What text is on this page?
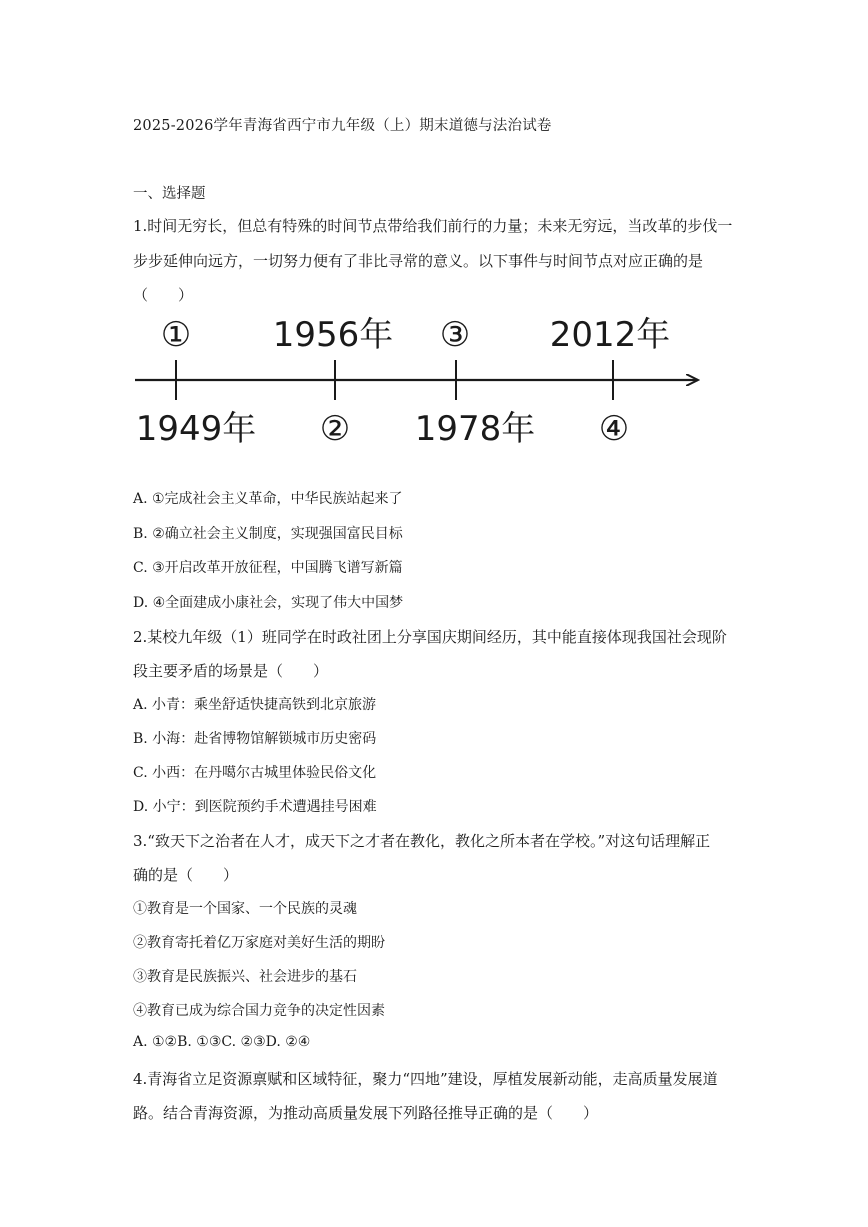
2025-2026学年青海省西宁市九年级（上）期末道德与法治试卷
一、选择题
1.时间无穷长，但总有特殊的时间节点带给我们前行的力量；未来无穷远，当改革的步伐一
步步延伸向远方，一切努力便有了非比寻常的意义。以下事件与时间节点对应正确的是
（　　）
① 1956年 ③ 2012年
1949年 ② 1978年 ④
A. ①完成社会主义革命，中华民族站起来了
B. ②确立社会主义制度，实现强国富民目标
C. ③开启改革开放征程，中国腾飞谱写新篇
D. ④全面建成小康社会，实现了伟大中国梦
2.某校九年级（1）班同学在时政社团上分享国庆期间经历，其中能直接体现我国社会现阶
段主要矛盾的场景是（　　）
A. 小青：乘坐舒适快捷高铁到北京旅游
B. 小海：赴省博物馆解锁城市历史密码
C. 小西：在丹噶尔古城里体验民俗文化
D. 小宁：到医院预约手术遭遇挂号困难
3.“致天下之治者在人才，成天下之才者在教化，教化之所本者在学校。”对这句话理解正
确的是（　　）
①教育是一个国家、一个民族的灵魂
②教育寄托着亿万家庭对美好生活的期盼
③教育是民族振兴、社会进步的基石
④教育已成为综合国力竞争的决定性因素
A. ①②B. ①③C. ②③D. ②④
4.青海省立足资源禀赋和区域特征，聚力“四地”建设，厚植发展新动能，走高质量发展道
路。结合青海资源，为推动高质量发展下列路径推导正确的是（　　）
